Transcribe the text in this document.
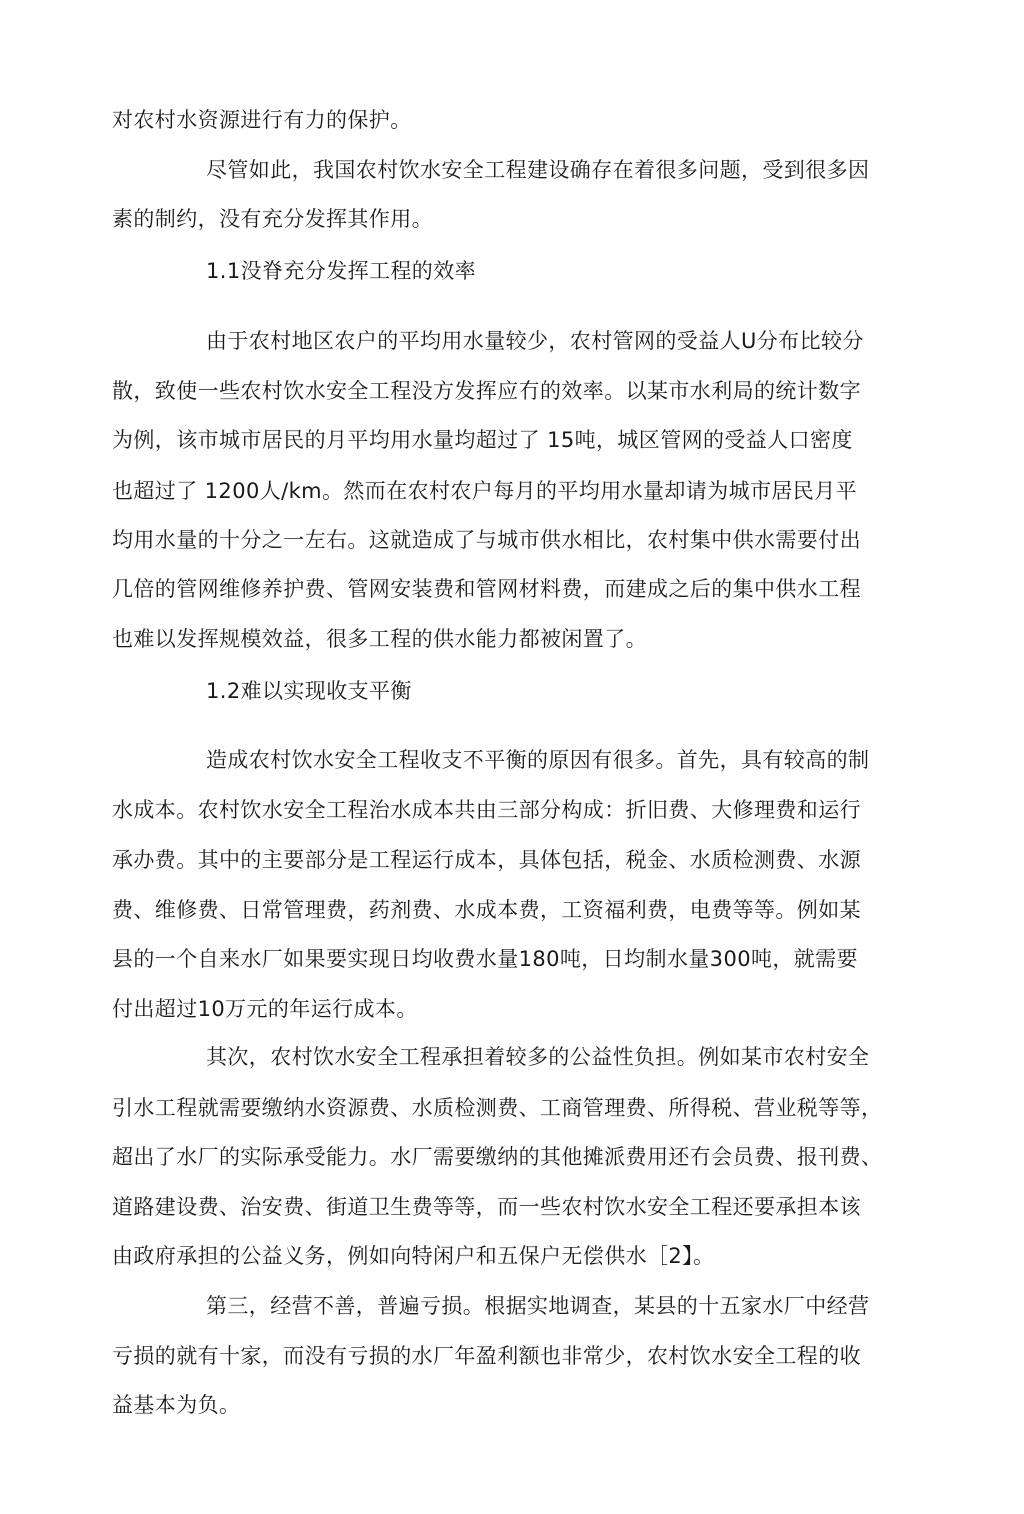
对农村水资源进行有力的保护。
尽管如此，我国农村饮水安全工程建设确存在着很多问题，受到很多因
素的制约，没有充分发挥其作用。
1.1没脊充分发挥工程的效率
由于农村地区农户的平均用水量较少，农村管网的受益人U分布比较分
散，致使一些农村饮水安全工程没方发挥应冇的效率。以某市水利局的统计数字
为例，该市城市居民的月平均用水量均超过了 15吨，城区管网的受益人口密度
也超过了 1200人/km。然而在农村农户每月的平均用水量却请为城市居民月平
均用水量的十分之一左右。这就造成了与城市供水相比，农村集中供水需要付出
几倍的管网维修养护费、管网安装费和管网材料费，而建成之后的集中供水工程
也难以发挥规模效益，很多工程的供水能力都被闲置了。
1.2难以实现收支平衡
造成农村饮水安全工程收支不平衡的原因有很多。首先，具有较高的制
水成本。农村饮水安全工程治水成本共由三部分构成：折旧费、大修理费和运行
承办费。其中的主要部分是工程运行成本，具体包括，税金、水质检测费、水源
费、维修费、日常管理费，药剂费、水成本费，工资福利费，电费等等。例如某
县的一个自来水厂如果要实现日均收费水量180吨，日均制水量300吨，就需要
付出超过10万元的年运行成本。
其次，农村饮水安全工程承担着较多的公益性负担。例如某市农村安全
引水工程就需要缴纳水资源费、水质检测费、工商管理费、所得税、营业税等等，
超出了水厂的实际承受能力。水厂需要缴纳的其他摊派费用还冇会员费、报刊费、
道路建设费、治安费、街道卫生费等等，而一些农村饮水安全工程还要承担本该
由政府承担的公益义务，例如向特闲户和五保户无偿供水［2】。
第三，经营不善，普遍亏损。根据实地调查，某县的十五家水厂中经营
亏损的就有十家，而没有亏损的水厂年盈利额也非常少，农村饮水安全工程的收
益基本为负。
